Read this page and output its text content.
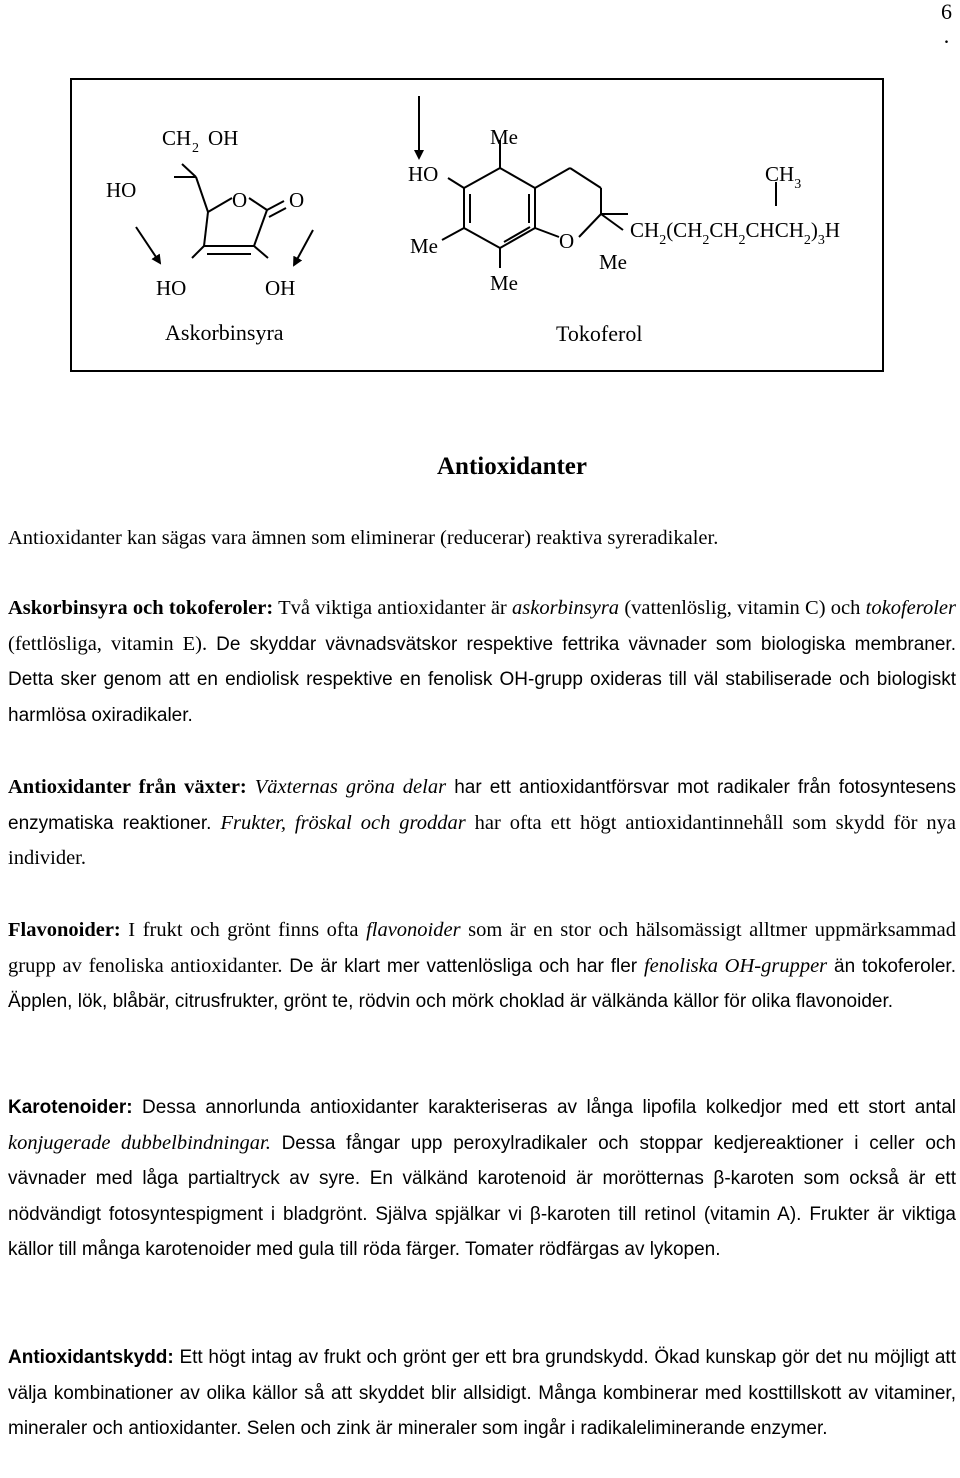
6
.
CH 2 OH
HO	O O
HO	OH
Askorbinsyra
HO
Me
Me
Me
O
Me
$CH_3$
$CH_2(CH_2CH_2CHCH_2)_3H$
Tokoferol
Antioxidanter

Antioxidanter kan sägas vara ämnen som eliminerar (reducerar) reaktiva syreradikaler.

Askorbinsyra och tokoferoler: Två viktiga antioxidanter är askorbinsyra (vattenlöslig, vitamin C) och tokoferoler (fettlösliga, vitamin E). De skyddar vävnadsvätskor respektive fettrika vävnader som biologiska membraner. Detta sker genom att en endiolisk respektive en fenolisk OH-grupp oxideras till väl stabiliserade och biologiskt harmlösa oxiradikaler.

Antioxidanter från växter: Växternas gröna delar har ett antioxidantförsvar mot radikaler från fotosyntesens enzymatiska reaktioner. Frukter, fröskal och groddar har ofta ett högt antioxidantinnehåll som skydd för nya individer.

Flavonoider: I frukt och grönt finns ofta flavonoider som är en stor och hälsomässigt alltmer uppmärksammad grupp av fenoliska antioxidanter. De är klart mer vattenlösliga och har fler fenoliska OH-grupper än tokoferoler. Äpplen, lök, blåbär, citrusfrukter, grönt te, rödvin och mörk choklad är välkända källor för olika flavonoider.

Karotenoider: Dessa annorlunda antioxidanter karakteriseras av långa lipofila kolkedjor med ett stort antal konjugerade dubbelbindningar. Dessa fångar upp peroxylradikaler och stoppar kedjereaktioner i celler och vävnader med låga partialtryck av syre. En välkänd karotenoid är morötternas β-karoten som också är ett nödvändigt fotosyntespigment i bladgrönt. Själva spjälkar vi β-karoten till retinol (vitamin A). Frukter är viktiga källor till många karotenoider med gula till röda färger. Tomater rödfärgas av lykopen.

Antioxidantskydd: Ett högt intag av frukt och grönt ger ett bra grundskydd. Ökad kunskap gör det nu möjligt att välja kombinationer av olika källor så att skyddet blir allsidigt. Många kombinerar med kosttillskott av vitaminer, mineraler och antioxidanter. Selen och zink är mineraler som ingår i radikaleliminerande enzymer.
